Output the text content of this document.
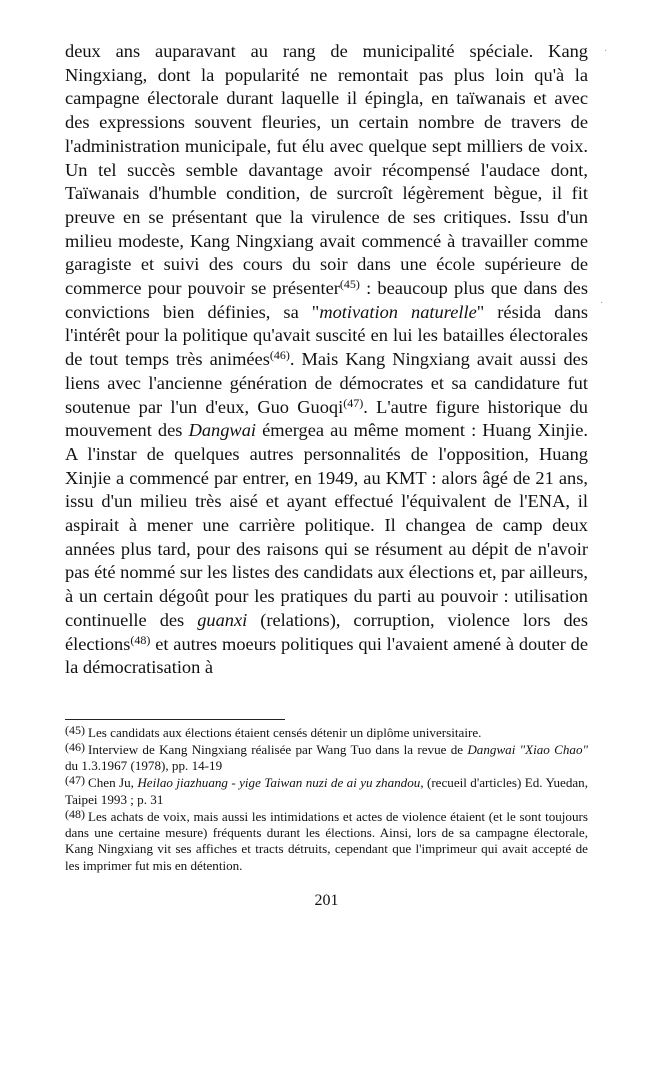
deux ans auparavant au rang de municipalité spéciale. Kang Ningxiang, dont la popularité ne remontait pas plus loin qu'à la campagne électorale durant laquelle il épingla, en taïwanais et avec des expressions souvent fleuries, un certain nombre de travers de l'administration municipale, fut élu avec quelque sept milliers de voix. Un tel succès semble davantage avoir récompensé l'audace dont, Taïwanais d'humble condition, de surcroît légèrement bègue, il fit preuve en se présentant que la virulence de ses critiques. Issu d'un milieu modeste, Kang Ningxiang avait commencé à travailler comme garagiste et suivi des cours du soir dans une école supérieure de commerce pour pouvoir se présenter$^{(45)}$ : beaucoup plus que dans des convictions bien définies, sa "motivation naturelle" résida dans l'intérêt pour la politique qu'avait suscité en lui les batailles électorales de tout temps très animées$^{(46)}$. Mais Kang Ningxiang avait aussi des liens avec l'ancienne génération de démocrates et sa candidature fut soutenue par l'un d'eux, Guo Guoqi$^{(47)}$. L'autre figure historique du mouvement des Dangwai émergea au même moment : Huang Xinjie. A l'instar de quelques autres personnalités de l'opposition, Huang Xinjie a commencé par entrer, en 1949, au KMT : alors âgé de 21 ans, issu d'un milieu très aisé et ayant effectué l'équivalent de l'ENA, il aspirait à mener une carrière politique. Il changea de camp deux années plus tard, pour des raisons qui se résument au dépit de n'avoir pas été nommé sur les listes des candidats aux élections et, par ailleurs, à un certain dégoût pour les pratiques du parti au pouvoir : utilisation continuelle des guanxi (relations), corruption, violence lors des élections$^{(48)}$ et autres moeurs politiques qui l'avaient amené à douter de la démocratisation à

$^{(45)}$ Les candidats aux élections étaient censés détenir un diplôme universitaire.
$^{(46)}$ Interview de Kang Ningxiang réalisée par Wang Tuo dans la revue de Dangwai "Xiao Chao" du 1.3.1967 (1978), pp. 14-19
$^{(47)}$ Chen Ju, Heilao jiazhuang - yige Taiwan nuzi de ai yu zhandou, (recueil d'articles) Ed. Yuedan, Taipei 1993 ; p. 31
$^{(48)}$ Les achats de voix, mais aussi les intimidations et actes de violence étaient (et le sont toujours dans une certaine mesure) fréquents durant les élections. Ainsi, lors de sa campagne électorale, Kang Ningxiang vit ses affiches et tracts détruits, cependant que l'imprimeur qui avait accepté de les imprimer fut mis en détention.
201
·
·
